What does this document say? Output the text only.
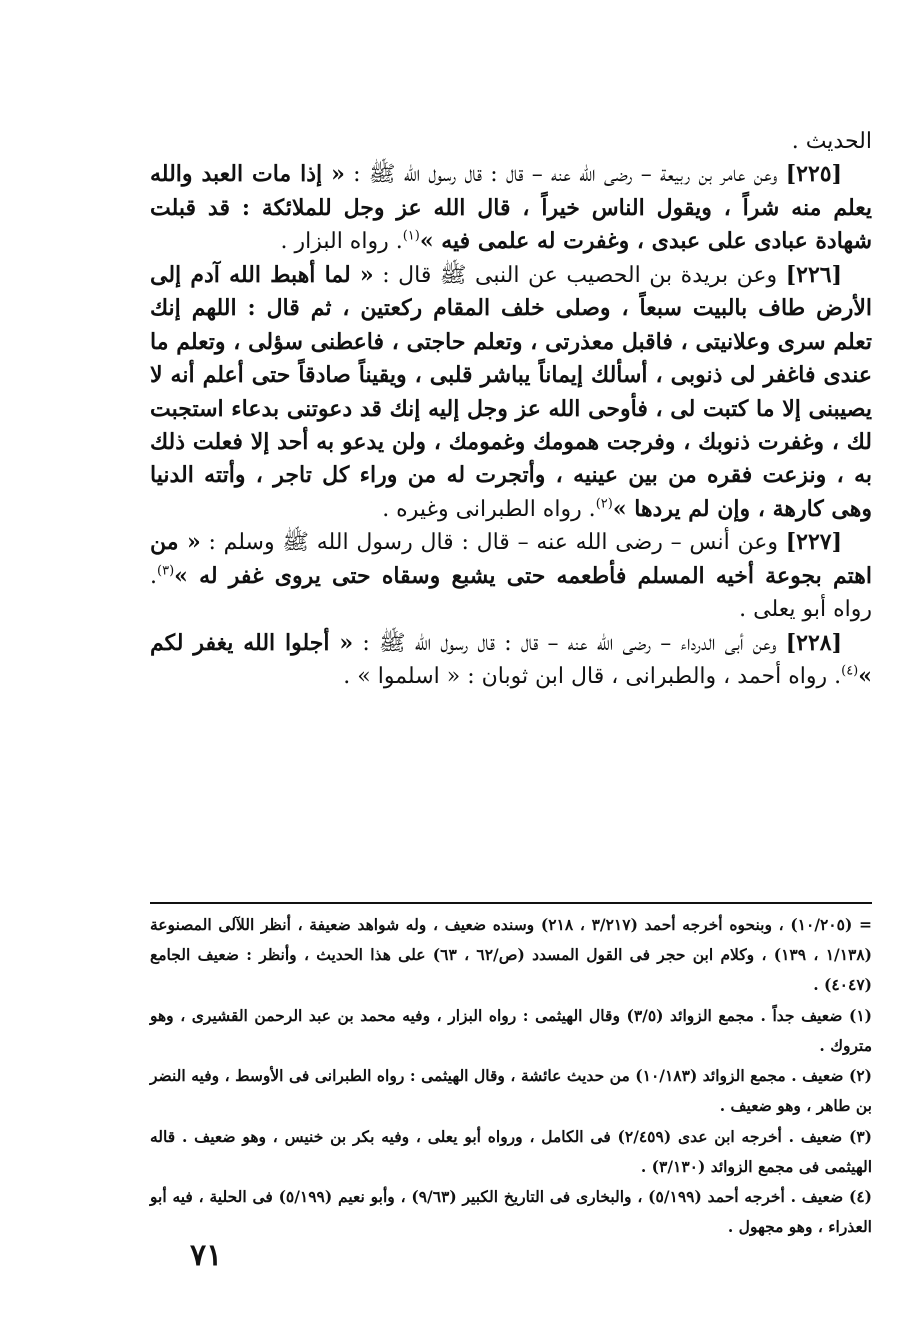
الحديث .

[٢٢٥] وعن عامر بن ربيعة – رضى الله عنه – قال : قال رسول الله ﷺ : « إذا مات العبد والله يعلم منه شراً ، ويقول الناس خيراً ، قال الله عز وجل للملائكة : قد قبلت شهادة عبادى على عبدى ، وغفرت له علمى فيه »$^{(١)}$. رواه البزار .

[٢٢٦] وعن بريدة بن الحصيب عن النبى ﷺ قال : « لما أهبط الله آدم إلى الأرض طاف بالبيت سبعاً ، وصلى خلف المقام ركعتين ، ثم قال : اللهم إنك تعلم سرى وعلانيتى ، فاقبل معذرتى ، وتعلم حاجتى ، فاعطنى سؤلى ، وتعلم ما عندى فاغفر لى ذنوبى ، أسألك إيماناً يباشر قلبى ، ويقيناً صادقاً حتى أعلم أنه لا يصيبنى إلا ما كتبت لى ، فأوحى الله عز وجل إليه إنك قد دعوتنى بدعاء استجبت لك ، وغفرت ذنوبك ، وفرجت همومك وغمومك ، ولن يدعو به أحد إلا فعلت ذلك به ، ونزعت فقره من بين عينيه ، وأتجرت له من وراء كل تاجر ، وأتته الدنيا وهى كارهة ، وإن لم يردها »$^{(٢)}$. رواه الطبرانى وغيره .

[٢٢٧] وعن أنس – رضى الله عنه – قال : قال رسول الله ﷺ وسلم : « من اهتم بجوعة أخيه المسلم فأطعمه حتى يشبع وسقاه حتى يروى غفر له »$^{(٣)}$. رواه أبو يعلى .

[٢٢٨] وعن أبى الدرداء – رضى الله عنه – قال : قال رسول الله ﷺ : « أجلوا الله يغفر لكم »$^{(٤)}$. رواه أحمد ، والطبرانى ، قال ابن ثوبان : « اسلموا » .

= (١٠/٢٠٥) ، وبنحوه أخرجه أحمد (٣/٢١٧ ، ٢١٨) وسنده ضعيف ، وله شواهد ضعيفة ، أنظر اللآلى المصنوعة (١/١٣٨ ، ١٣٩) ، وكلام ابن حجر فى القول المسدد (ص/٦٢ ، ٦٣) على هذا الحديث ، وأنظر : ضعيف الجامع (٤٠٤٧) .

(١) ضعيف جداً . مجمع الزوائد (٣/٥) وقال الهيثمى : رواه البزار ، وفيه محمد بن عبد الرحمن القشيرى ، وهو متروك .

(٢) ضعيف . مجمع الزوائد (١٠/١٨٣) من حديث عائشة ، وقال الهيثمى : رواه الطبرانى فى الأوسط ، وفيه النضر بن طاهر ، وهو ضعيف .

(٣) ضعيف . أخرجه ابن عدى (٢/٤٥٩) فى الكامل ، ورواه أبو يعلى ، وفيه بكر بن خنيس ، وهو ضعيف . قاله الهيثمى فى مجمع الزوائد (٣/١٣٠) .

(٤) ضعيف . أخرجه أحمد (٥/١٩٩) ، والبخارى فى التاريخ الكبير (٩/٦٣) ، وأبو نعيم (٥/١٩٩) فى الحلية ، فيه أبو العذراء ، وهو مجهول .

٧١
